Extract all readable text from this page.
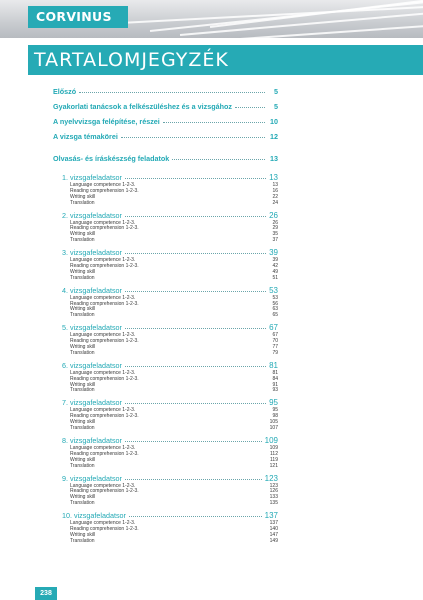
CORVINUS
TARTALOMJEGYZÉK
Előszó	5
Gyakorlati tanácsok a felkészüléshez és a vizsgához	5
A nyelvvizsga felépítése, részei	10
A vizsga témakörei	12
Olvasás- és íráskészség feladatok	13
1. vizsgafeladatsor	13
Language competence 1-2-3.	13
Reading comprehension 1-2-3.	16
Writing skill	22
Translation	24
2. vizsgafeladatsor	26
Language competence 1-2-3.	26
Reading comprehension 1-2-3.	29
Writing skill	35
Translation	37
3. vizsgafeladatsor	39
Language competence 1-2-3.	39
Reading comprehension 1-2-3.	42
Writing skill	49
Translation	51
4. vizsgafeladatsor	53
Language competence 1-2-3.	53
Reading comprehension 1-2-3.	56
Writing skill	63
Translation	65
5. vizsgafeladatsor	67
Language competence 1-2-3.	67
Reading comprehension 1-2-3.	70
Writing skill	77
Translation	79
6. vizsgafeladatsor	81
Language competence 1-2-3.	81
Reading comprehension 1-2-3.	84
Writing skill	91
Translation	93
7. vizsgafeladatsor	95
Language competence 1-2-3.	95
Reading comprehension 1-2-3.	98
Writing skill	105
Translation	107
8. vizsgafeladatsor	109
Language competence 1-2-3.	109
Reading comprehension 1-2-3.	112
Writing skill	119
Translation	121
9. vizsgafeladatsor	123
Language competence 1-2-3.	123
Reading comprehension 1-2-3.	126
Writing skill	133
Translation	135
10. vizsgafeladatsor	137
Language competence 1-2-3.	137
Reading comprehension 1-2-3.	140
Writing skill	147
Translation	149
238
